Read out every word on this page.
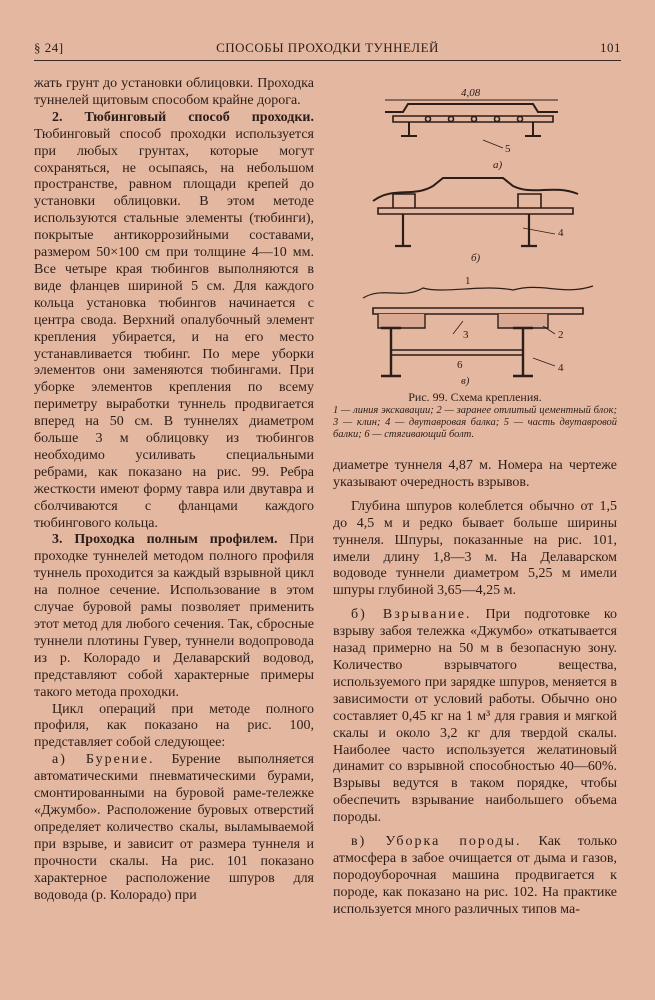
§ 24]	СПОСОБЫ ПРОХОДКИ ТУННЕЛЕЙ	101

жать грунт до установки облицовки. Проходка туннелей щитовым способом крайне дорога.

2. Тюбинговый способ проходки. Тюбинговый способ проходки используется при любых грунтах, которые могут сохраняться, не осыпаясь, на небольшом пространстве, равном площади крепей до установки облицовки. В этом методе используются стальные элементы (тюбинги), покрытые антикоррозийными составами, размером 50×100 см при толщине 4—10 мм. Все четыре края тюбингов выполняются в виде фланцев шириной 5 см. Для каждого кольца установка тюбингов начинается с центра свода. Верхний опалубочный элемент крепления убирается, и на его место устанавливается тюбинг. По мере уборки элементов они заменяются тюбингами. При уборке элементов крепления по всему периметру выработки туннель продвигается вперед на 50 см. В туннелях диаметром больше 3 м облицовку из тюбингов необходимо усиливать специальными ребрами, как показано на рис. 99. Ребра жесткости имеют форму тавра или двутавра и сболчиваются с фланцами каждого тюбингового кольца.

3. Проходка полным профилем. При проходке туннелей методом полного профиля туннель проходится за каждый взрывной цикл на полное сечение. Использование в этом случае буровой рамы позволяет применить этот метод для любого сечения. Так, сбросные туннели плотины Гувер, туннели водопровода из р. Колорадо и Делаварский водовод, представляют собой характерные примеры такого метода проходки.

Цикл операций при методе полного профиля, как показано на рис. 100, представляет собой следующее:

а) Бурение. Бурение выполняется автоматическими пневматическими бурами, смонтированными на буровой раме-тележке «Джумбо». Расположение буровых отверстий определяет количество скалы, выламываемой при взрыве, и зависит от размера туннеля и прочности скалы. На рис. 101 показано характерное расположение шпуров для водовода (р. Колорадо) при

4,08
а)
5
б)
4
1
3	2
6	4
в)
Рис. 99. Схема крепления.
1 — линия экскавации; 2 — заранее отлитый цементный блок; 3 — клин; 4 — двутавровая балка; 5 — часть двутавровой балки; 6 — стягивающий болт.

диаметре туннеля 4,87 м. Номера на чертеже указывают очередность взрывов.

Глубина шпуров колеблется обычно от 1,5 до 4,5 м и редко бывает больше ширины туннеля. Шпуры, показанные на рис. 101, имели длину 1,8—3 м. На Делаварском водоводе туннели диаметром 5,25 м имели шпуры глубиной 3,65—4,25 м.

б) Взрывание. При подготовке ко взрыву забоя тележка «Джумбо» откатывается назад примерно на 50 м в безопасную зону. Количество взрывчатого вещества, используемого при зарядке шпуров, меняется в зависимости от условий работы. Обычно оно составляет 0,45 кг на 1 м³ для гравия и мягкой скалы и около 3,2 кг для твердой скалы. Наиболее часто используется желатиновый динамит со взрывной способностью 40—60%. Взрывы ведутся в таком порядке, чтобы обеспечить взрывание наибольшего объема породы.

в) Уборка породы. Как только атмосфера в забое очищается от дыма и газов, породоуборочная машина продвигается к породе, как показано на рис. 102. На практике используется много различных типов ма-
